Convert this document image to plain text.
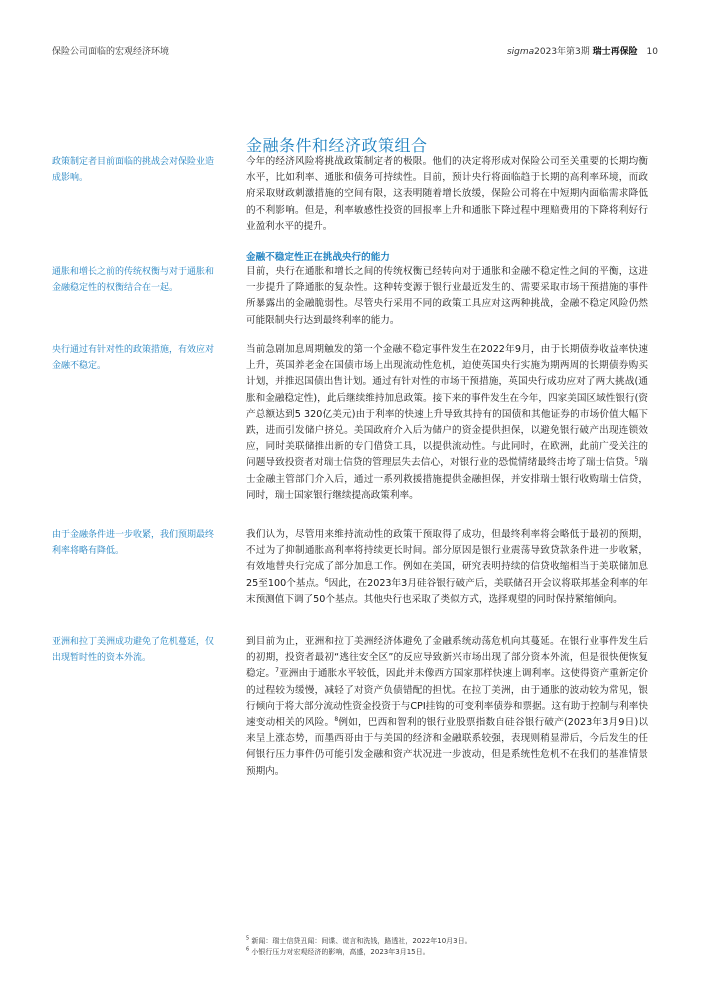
保险公司面临的宏观经济环境	sigma2023年第3期 瑞士再保险 10
金融条件和经济政策组合
政策制定者目前面临的挑战会对保险业造成影响。
通胀和增长之前的传统权衡与对于通胀和金融稳定性的权衡结合在一起。
央行通过有针对性的政策措施，有效应对金融不稳定。
由于金融条件进一步收紧，我们预期最终利率将略有降低。
亚洲和拉丁美洲成功避免了危机蔓延，仅出现暂时性的资本外流。

今年的经济风险将挑战政策制定者的极限。他们的决定将形成对保险公司至关重要的长期均衡水平，比如利率、通胀和债务可持续性。目前，预计央行将面临趋于长期的高利率环境，而政府采取财政刺激措施的空间有限，这表明随着增长放缓，保险公司将在中短期内面临需求降低的不利影响。但是，利率敏感性投资的回报率上升和通胀下降过程中理赔费用的下降将利好行业盈利水平的提升。

金融不稳定性正在挑战央行的能力

目前，央行在通胀和增长之间的传统权衡已经转向对于通胀和金融不稳定性之间的平衡，这进一步提升了降通胀的复杂性。这种转变源于银行业最近发生的、需要采取市场干预措施的事件所暴露出的金融脆弱性。尽管央行采用不同的政策工具应对这两种挑战，金融不稳定风险仍然可能限制央行达到最终利率的能力。

当前急剧加息周期触发的第一个金融不稳定事件发生在2022年9月，由于长期债券收益率快速上升，英国养老金在国债市场上出现流动性危机，迫使英国央行实施为期两周的长期债券购买计划，并推迟国债出售计划。通过有针对性的市场干预措施，英国央行成功应对了两大挑战(通胀和金融稳定性)，此后继续维持加息政策。接下来的事件发生在今年，四家美国区域性银行(资产总额达到5 320亿美元)由于利率的快速上升导致其持有的国债和其他证券的市场价值大幅下跌，进而引发储户挤兑。美国政府介入后为储户的资金提供担保，以避免银行破产出现连锁效应，同时美联储推出新的专门借贷工具，以提供流动性。与此同时，在欧洲，此前广受关注的问题导致投资者对瑞士信贷的管理层失去信心，对银行业的恐慌情绪最终击垮了瑞士信贷。$^5$瑞士金融主管部门介入后，通过一系列救援措施提供金融担保，并安排瑞士银行收购瑞士信贷，同时，瑞士国家银行继续提高政策利率。

我们认为，尽管用来维持流动性的政策干预取得了成功，但最终利率将会略低于最初的预期，不过为了抑制通胀高利率将持续更长时间。部分原因是银行业震荡导致贷款条件进一步收紧，有效地替央行完成了部分加息工作。例如在美国，研究表明持续的信贷收缩相当于美联储加息25至100个基点。$^6$因此，在2023年3月硅谷银行破产后，美联储召开会议将联邦基金利率的年末预测值下调了50个基点。其他央行也采取了类似方式，选择观望的同时保持紧缩倾向。

到目前为止，亚洲和拉丁美洲经济体避免了金融系统动荡危机向其蔓延。在银行业事件发生后的初期，投资者最初“逃往安全区”的反应导致新兴市场出现了部分资本外流，但是很快便恢复稳定。$^7$亚洲由于通胀水平较低，因此并未像西方国家那样快速上调利率。这使得资产重新定价的过程较为缓慢，减轻了对资产负债错配的担忧。在拉丁美洲，由于通胀的波动较为常见，银行倾向于将大部分流动性资金投资于与CPI挂钩的可变利率债券和票据。这有助于控制与利率快速变动相关的风险。$^8$例如，巴西和智利的银行业股票指数自硅谷银行破产(2023年3月9日)以来呈上涨态势，而墨西哥由于与美国的经济和金融联系较强，表现则稍显滞后，今后发生的任何银行压力事件仍可能引发金融和资产状况进一步波动，但是系统性危机不在我们的基准情景预期内。

$^5$ 新闻：瑞士信贷丑闻：间谍、谎言和洗钱，路透社，2022年10月3日。
$^6$ 小银行压力对宏观经济的影响，高盛，2023年3月15日。
